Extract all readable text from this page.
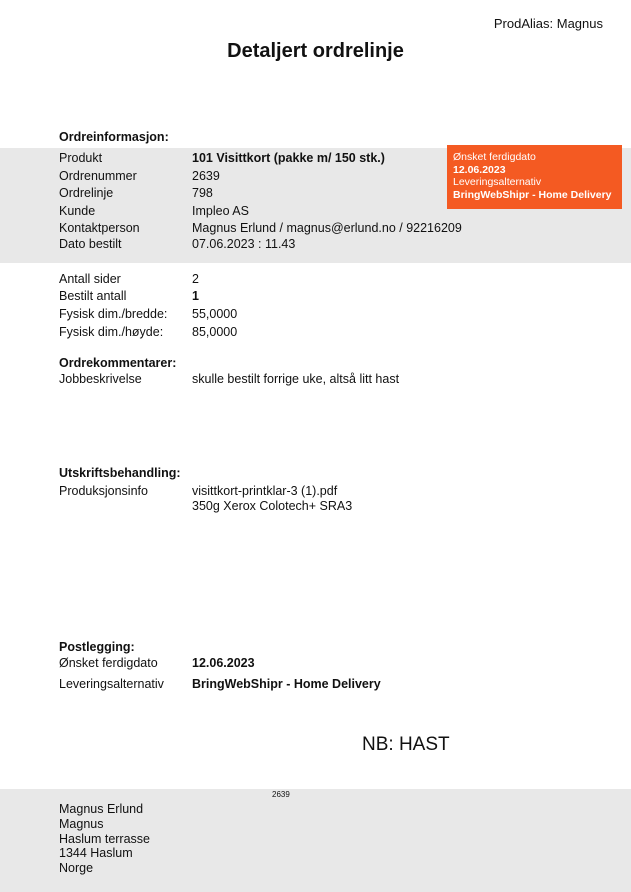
ProdAlias: Magnus
Detaljert ordrelinje
Ordreinformasjon:
Produkt	101 Visittkort (pakke m/ 150 stk.)
Ordrenummer	2639
Ordrelinje	798
Kunde	Impleo AS
Kontaktperson	Magnus Erlund / magnus@erlund.no / 92216209
Dato bestilt	07.06.2023 : 11.43
Ønsket ferdigdato
12.06.2023
Leveringsalternativ
BringWebShipr - Home Delivery
Antall sider	2
Bestilt antall	1
Fysisk dim./bredde: 55,0000
Fysisk dim./høyde: 85,0000
Ordrekommentarer:
Jobbeskrivelse	skulle bestilt forrige uke, altså litt hast
Utskriftsbehandling:
Produksjonsinfo	visittkort-printklar-3 (1).pdf
350g Xerox Colotech+ SRA3
Postlegging:
Ønsket ferdigdato	12.06.2023
Leveringsalternativ BringWebShipr - Home Delivery
NB: HAST
2639
Magnus Erlund
Magnus
Haslum terrasse
1344 Haslum
Norge
